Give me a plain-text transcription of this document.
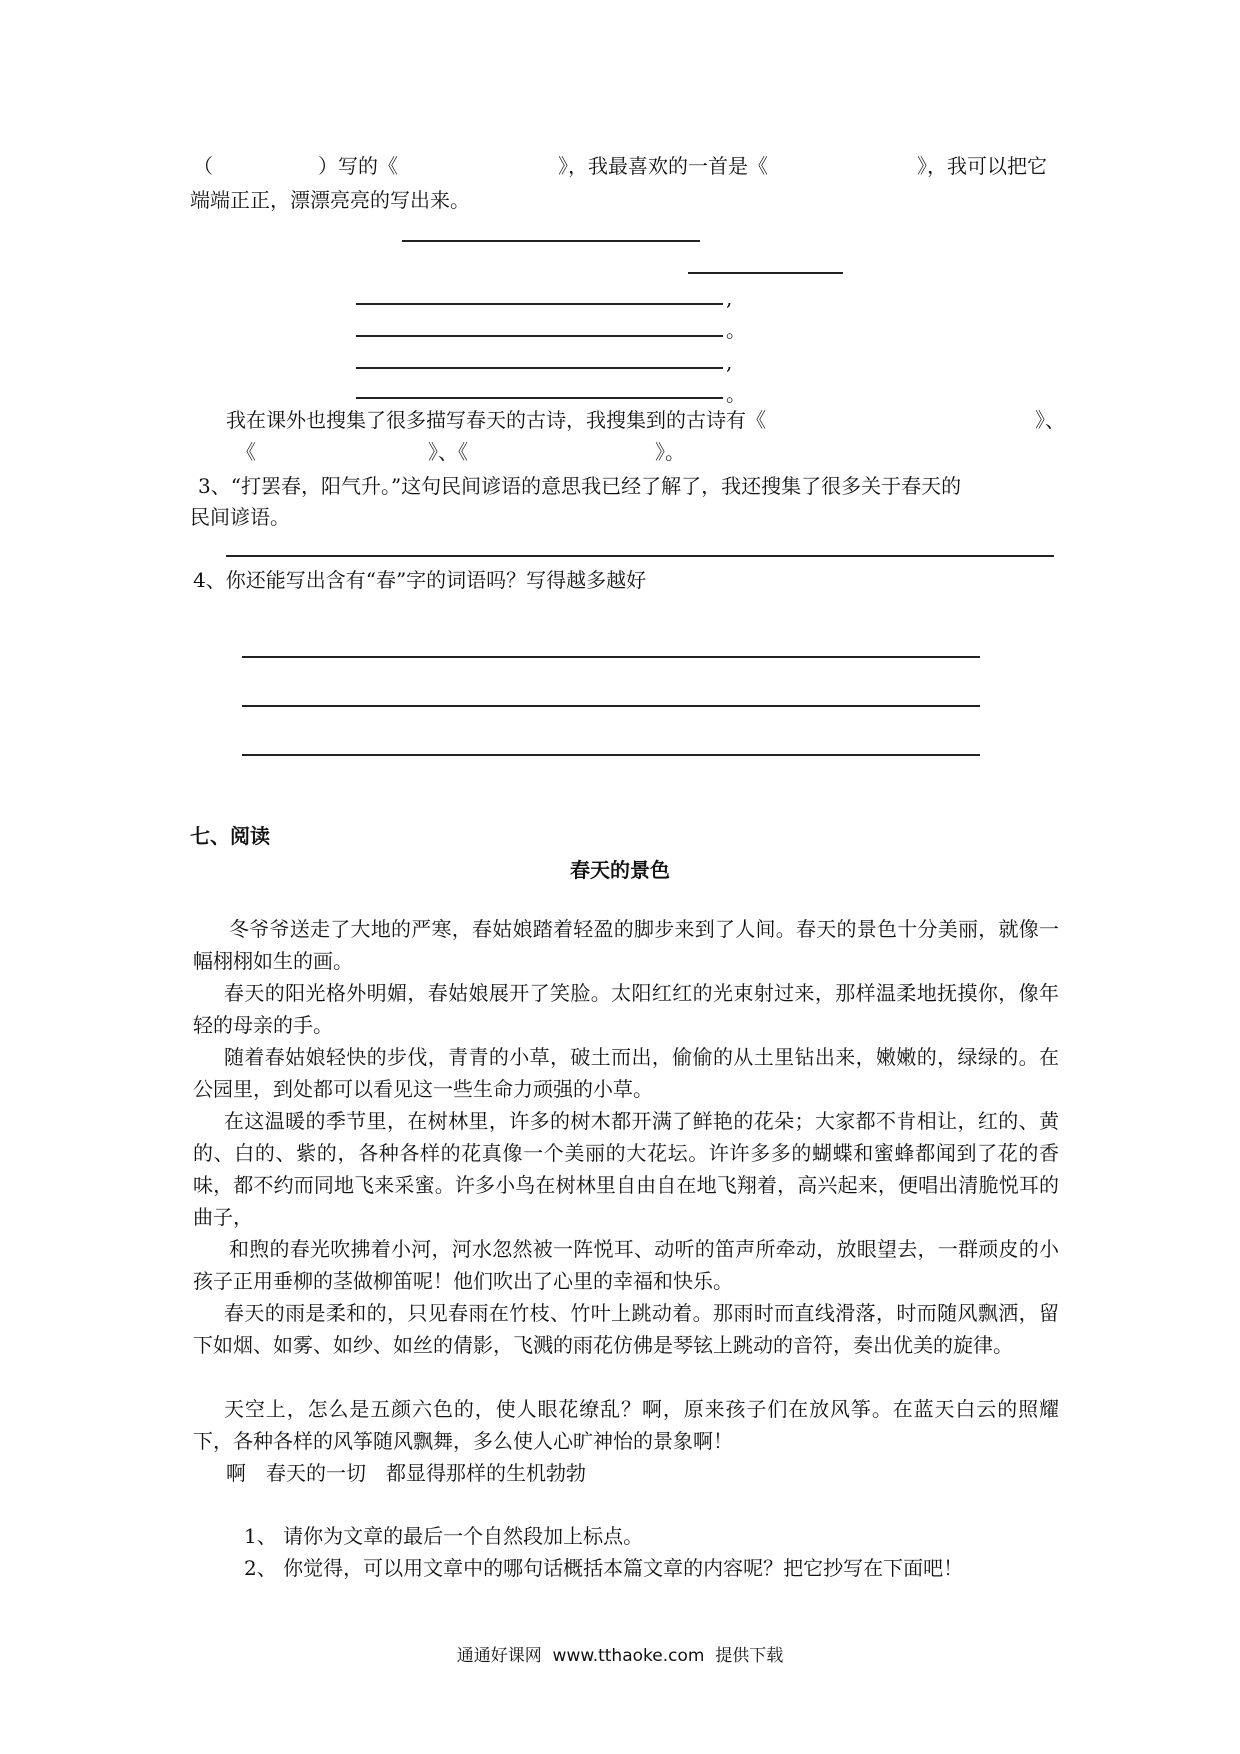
（	）写的《	》，我最喜欢的一首是《	》，我可以把它
端端正正，漂漂亮亮的写出来。
,
。
,
。
我在课外也搜集了很多描写春天的古诗，我搜集到的古诗有《	》、
《	》、《	》。
3、“打罢春，阳气升。”这句民间谚语的意思我已经了解了，我还搜集了很多关于春天的
民间谚语。
4、你还能写出含有“春”字的词语吗？写得越多越好
七、阅读
春天的景色
冬爷爷送走了大地的严寒，春姑娘踏着轻盈的脚步来到了人间。春天的景色十分美丽，就像一幅栩栩如生的画。
春天的阳光格外明媚，春姑娘展开了笑脸。太阳红红的光束射过来，那样温柔地抚摸你，像年轻的母亲的手。
随着春姑娘轻快的步伐，青青的小草，破土而出，偷偷的从土里钻出来，嫩嫩的，绿绿的。在公园里，到处都可以看见这一些生命力顽强的小草。
在这温暖的季节里，在树林里，许多的树木都开满了鲜艳的花朵；大家都不肯相让，红的、黄的、白的、紫的，各种各样的花真像一个美丽的大花坛。许许多多的蝴蝶和蜜蜂都闻到了花的香味，都不约而同地飞来采蜜。许多小鸟在树林里自由自在地飞翔着，高兴起来，便唱出清脆悦耳的曲子，
和煦的春光吹拂着小河，河水忽然被一阵悦耳、动听的笛声所牵动，放眼望去，一群顽皮的小孩子正用垂柳的茎做柳笛呢！他们吹出了心里的幸福和快乐。
春天的雨是柔和的，只见春雨在竹枝、竹叶上跳动着。那雨时而直线滑落，时而随风飘洒，留下如烟、如雾、如纱、如丝的倩影，飞溅的雨花仿佛是琴铉上跳动的音符，奏出优美的旋律。
天空上，怎么是五颜六色的，使人眼花缭乱？啊，原来孩子们在放风筝。在蓝天白云的照耀下，各种各样的风筝随风飘舞，多么使人心旷神怡的景象啊！
啊　春天的一切　都显得那样的生机勃勃
1、 请你为文章的最后一个自然段加上标点。
2、 你觉得，可以用文章中的哪句话概括本篇文章的内容呢？把它抄写在下面吧！
通通好课网  www.tthaoke.com  提供下载
